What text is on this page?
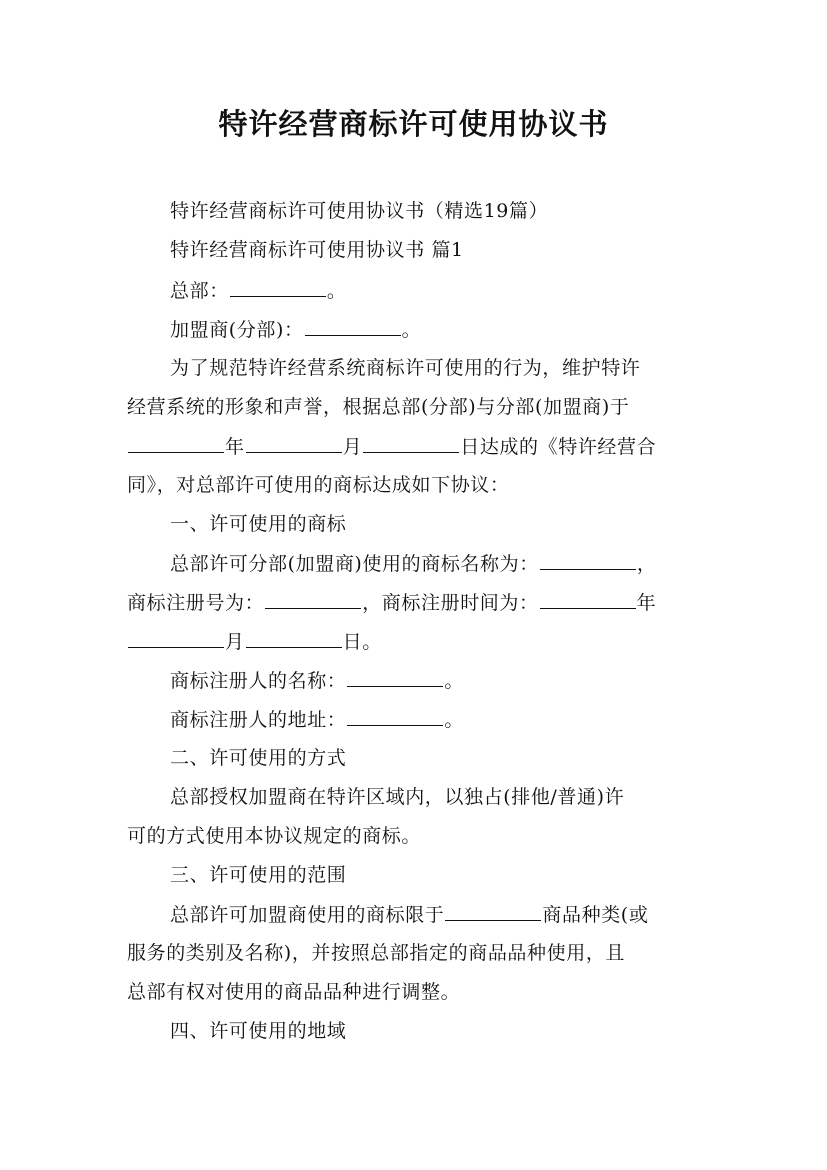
特许经营商标许可使用协议书
特许经营商标许可使用协议书（精选19篇）
特许经营商标许可使用协议书 篇1
总部：	。
加盟商(分部)：	。
为了规范特许经营系统商标许可使用的行为，维护特许
经营系统的形象和声誉，根据总部(分部)与分部(加盟商)于
年	月	日达成的《特许经营合
同》，对总部许可使用的商标达成如下协议：
一、许可使用的商标
总部许可分部(加盟商)使用的商标名称为：	，
商标注册号为：	，商标注册时间为：	年
月	日。
商标注册人的名称：	。
商标注册人的地址：	。
二、许可使用的方式
总部授权加盟商在特许区域内，以独占(排他/普通)许
可的方式使用本协议规定的商标。
三、许可使用的范围
总部许可加盟商使用的商标限于	商品种类(或
服务的类别及名称)，并按照总部指定的商品品种使用，且
总部有权对使用的商品品种进行调整。
四、许可使用的地域
